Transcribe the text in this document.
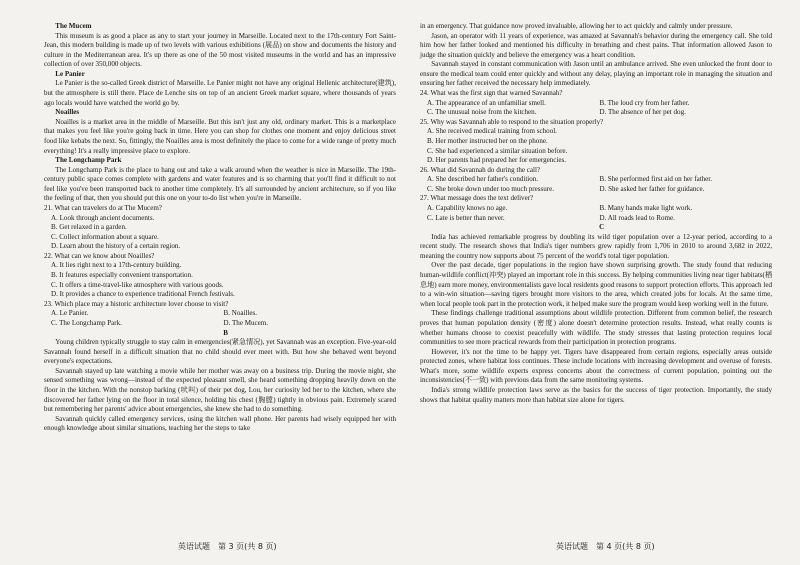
The Mucem

This museum is as good a place as any to start your journey in Marseille. Located next to the 17th-century Fort Saint-Jean, this modern building is made up of two levels with various exhibitions (展品) on show and documents the history and culture in the Mediterranean area. It's up there as one of the 50 most visited museums in the world and has an impressive collection of over 350,000 objects.

Le Panier

Le Panier is the so-called Greek district of Marseille. Le Panier might not have any original Hellenic architecture(建筑), but the atmosphere is still there. Place de Lenche sits on top of an ancient Greek market square, where thousands of years ago locals would have watched the world go by.

Noailles

Noailles is a market area in the middle of Marseille. But this isn't just any old, ordinary market. This is a marketplace that makes you feel like you're going back in time. Here you can shop for clothes one moment and enjoy delicious street food like kebabs the next. So, fittingly, the Noailles area is most definitely the place to come for a wide range of pretty much everything! It's a really impressive place to explore.

The Longchamp Park

The Longchamp Park is the place to hang out and take a walk around when the weather is nice in Marseille. The 19th-century public space comes complete with gardens and water features and is so charming that you'll find it difficult to not feel like you've been transported back to another time completely. It's all surrounded by ancient architecture, so if you like the feeling of that, then you should put this one on your to-do list when you're in Marseille.

21. What can travelers do at The Mucem?
A. Look through ancient documents.
B. Get relaxed in a garden.
C. Collect information about a square.
D. Learn about the history of a certain region.
22. What can we know about Noailles?
A. It lies right next to a 17th-century building.
B. It features especially convenient transportation.
C. It offers a time-travel-like atmosphere with various goods.
D. It provides a chance to experience traditional French festivals.
23. Which place may a historic architecture lover choose to visit?
A. Le Panier.	B. Noailles.
C. The Longchamp Park.	D. The Mucem.

B

Young children typically struggle to stay calm in emergencies(紧急情况), yet Savannah was an exception. Five-year-old Savannah found herself in a difficult situation that no child should ever meet with. But how she behaved went beyond everyone's expectations.

Savannah stayed up late watching a movie while her mother was away on a business trip. During the movie night, she sensed something was wrong—instead of the expected pleasant smell, she heard something dropping heavily down on the floor in the kitchen. With the nonstop barking (吠叫) of their pet dog, Lou, her curiosity led her to the kitchen, where she discovered her father lying on the floor in total silence, holding his chest (胸膛) tightly in obvious pain. Extremely scared but remembering her parents' advice about emergencies, she knew she had to do something.

Savannah quickly called emergency services, using the kitchen wall phone. Her parents had wisely equipped her with enough knowledge about similar situations, teaching her the steps to take

in an emergency. That guidance now proved invaluable, allowing her to act quickly and calmly under pressure.

Jason, an operator with 11 years of experience, was amazed at Savannah's behavior during the emergency call. She told him how her father looked and mentioned his difficulty in breathing and chest pains. That information allowed Jason to judge the situation quickly and believe the emergency was a heart condition.

Savannah stayed in constant communication with Jason until an ambulance arrived. She even unlocked the front door to ensure the medical team could enter quickly and without any delay, playing an important role in managing the situation and ensuring her father received the necessary help immediately.

24. What was the first sign that warned Savannah?
A. The appearance of an unfamiliar smell.	B. The loud cry from her father.
C. The unusual noise from the kitchen.	D. The absence of her pet dog.
25. Why was Savannah able to respond to the situation properly?
A. She received medical training from school.
B. Her mother instructed her on the phone.
C. She had experienced a similar situation before.
D. Her parents had prepared her for emergencies.
26. What did Savannah do during the call?
A. She described her father's condition.	B. She performed first aid on her father.
C. She broke down under too much pressure.	D. She asked her father for guidance.
27. What message does the text deliver?
A. Capability knows no age.	B. Many hands make light work.
C. Late is better than never.	D. All roads lead to Rome.

C

India has achieved remarkable progress by doubling its wild tiger population over a 12-year period, according to a recent study. The research shows that India's tiger numbers grew rapidly from 1,706 in 2010 to around 3,682 in 2022, meaning the country now supports about 75 percent of the world's total tiger population.

Over the past decade, tiger populations in the region have shown surprising growth. The study found that reducing human-wildlife conflict(冲突) played an important role in this success. By helping communities living near tiger habitats(栖息地) earn more money, environmentalists gave local residents good reasons to support protection efforts. This approach led to a win-win situation—saving tigers brought more visitors to the area, which created jobs for locals. At the same time, when local people took part in the protection work, it helped make sure the program would keep working well in the future.

These findings challenge traditional assumptions about wildlife protection. Different from common belief, the research proves that human population density (密度) alone doesn't determine protection results. Instead, what really counts is whether humans choose to coexist peacefully with wildlife. The study stresses that lasting protection requires local communities to see more practical rewards from their participation in protection programs.

However, it's not the time to be happy yet. Tigers have disappeared from certain regions, especially areas outside protected zones, where habitat loss continues. These include locations with increasing development and overuse of forests. What's more, some wildlife experts express concerns about the correctness of current population, pointing out the inconsistencies(不一致) with previous data from the same monitoring systems.

India's strong wildlife protection laws serve as the basics for the success of tiger protection. Importantly, the study shows that habitat quality matters more than habitat size alone for tigers.

英语试题　第 3 页(共 8 页)	英语试题　第 4 页(共 8 页)
